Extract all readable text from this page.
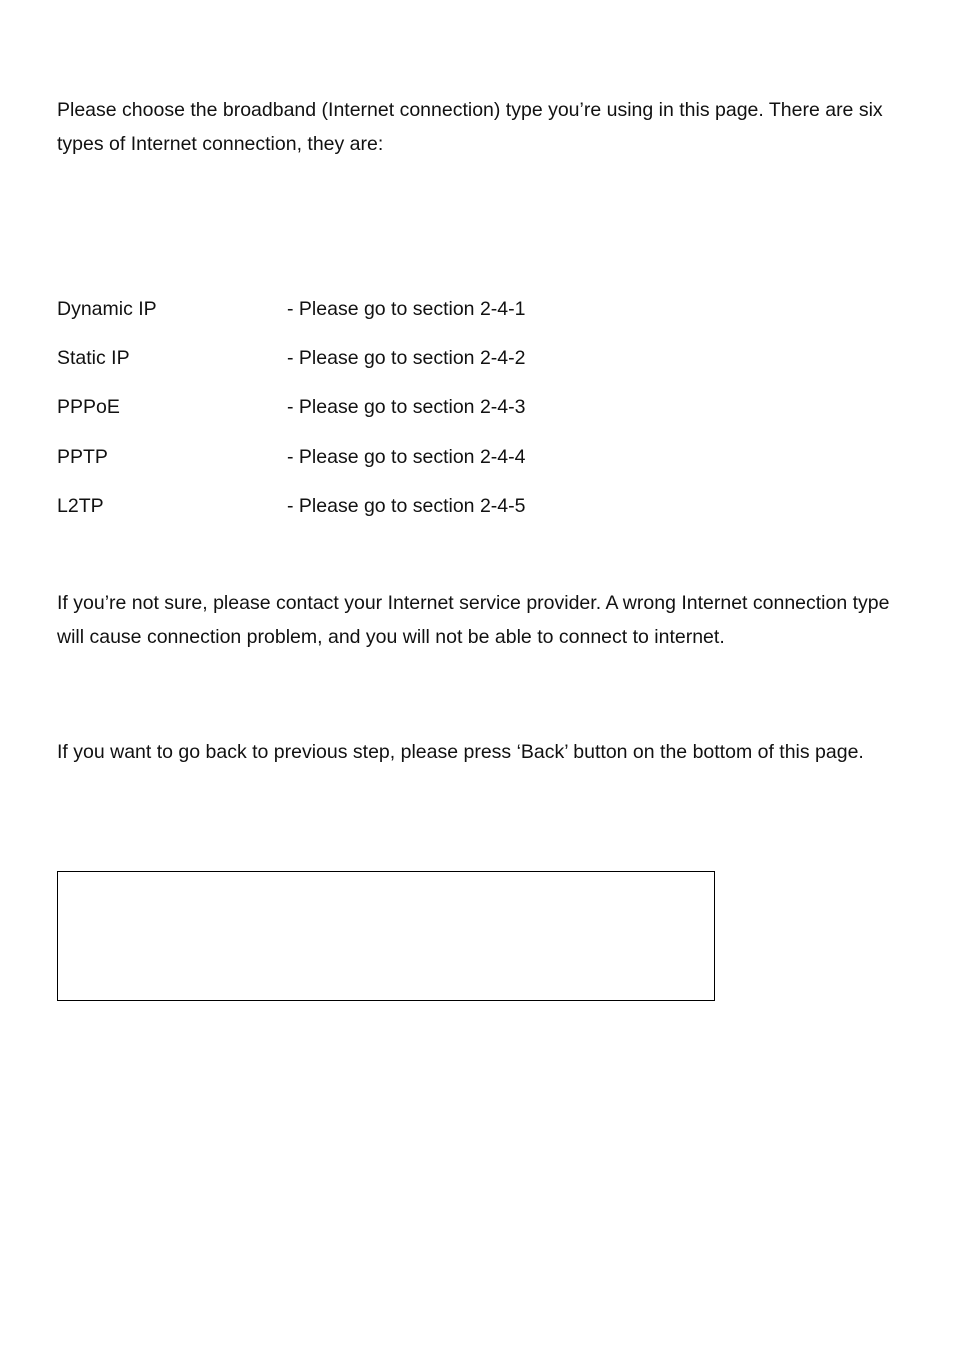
Please choose the broadband (Internet connection) type you’re using in this page. There are six types of Internet connection, they are:

Dynamic IP	- Please go to section 2-4-1
Static IP	- Please go to section 2-4-2
PPPoE	- Please go to section 2-4-3
PPTP	- Please go to section 2-4-4
L2TP	- Please go to section 2-4-5

If you’re not sure, please contact your Internet service provider. A wrong Internet connection type will cause connection problem, and you will not be able to connect to internet.

If you want to go back to previous step, please press ‘Back’ button on the bottom of this page.
